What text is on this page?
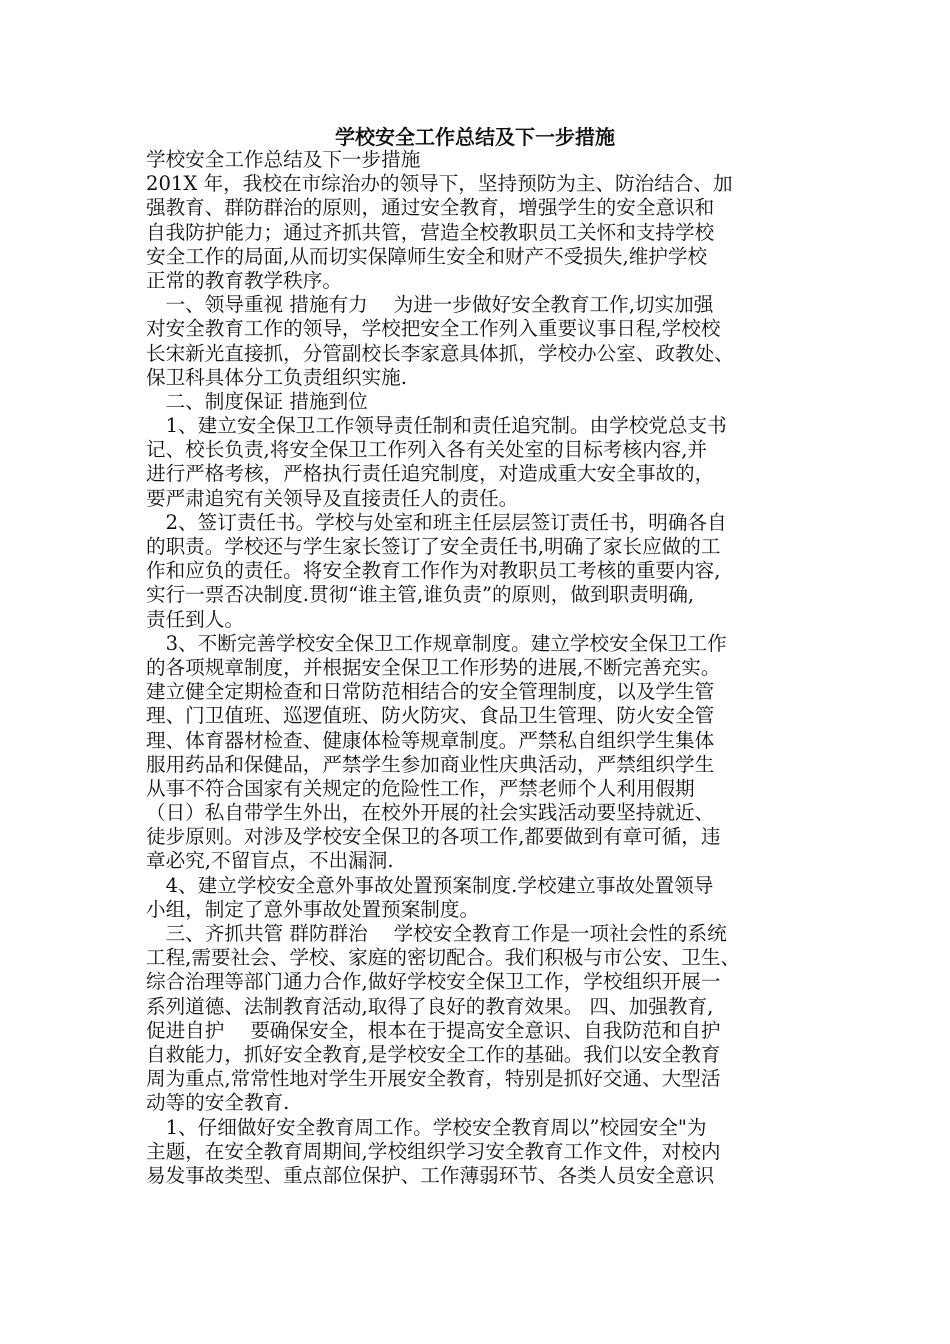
学校安全工作总结及下一步措施
学校安全工作总结及下一步措施
201X 年，我校在市综治办的领导下，坚持预防为主、防治结合、加
强教育、群防群治的原则，通过安全教育，增强学生的安全意识和
自我防护能力；通过齐抓共管，营造全校教职员工关怀和支持学校
安全工作的局面,从而切实保障师生安全和财产不受损失,维护学校
正常的教育教学秩序。
　一、领导重视 措施有力　 为进一步做好安全教育工作,切实加强
对安全教育工作的领导，学校把安全工作列入重要议事日程,学校校
长宋新光直接抓，分管副校长李家意具体抓，学校办公室、政教处、
保卫科具体分工负责组织实施.
　二、制度保证 措施到位
　1、建立安全保卫工作领导责任制和责任追究制。由学校党总支书
记、校长负责,将安全保卫工作列入各有关处室的目标考核内容,并
进行严格考核，严格执行责任追究制度，对造成重大安全事故的，
要严肃追究有关领导及直接责任人的责任。
　2、签订责任书。学校与处室和班主任层层签订责任书，明确各自
的职责。学校还与学生家长签订了安全责任书,明确了家长应做的工
作和应负的责任。将安全教育工作作为对教职员工考核的重要内容,
实行一票否决制度.贯彻“谁主管,谁负责”的原则，做到职责明确,
责任到人。
　3、不断完善学校安全保卫工作规章制度。建立学校安全保卫工作
的各项规章制度，并根据安全保卫工作形势的进展,不断完善充实。
建立健全定期检查和日常防范相结合的安全管理制度，以及学生管
理、门卫值班、巡逻值班、防火防灾、食品卫生管理、防火安全管
理、体育器材检查、健康体检等规章制度。严禁私自组织学生集体
服用药品和保健品，严禁学生参加商业性庆典活动，严禁组织学生
从事不符合国家有关规定的危险性工作，严禁老师个人利用假期
（日）私自带学生外出，在校外开展的社会实践活动要坚持就近、
徒步原则。对涉及学校安全保卫的各项工作,都要做到有章可循，违
章必究,不留盲点，不出漏洞.
　4、建立学校安全意外事故处置预案制度.学校建立事故处置领导
小组，制定了意外事故处置预案制度。
　三、齐抓共管 群防群治　 学校安全教育工作是一项社会性的系统
工程,需要社会、学校、家庭的密切配合。我们积极与市公安、卫生、
综合治理等部门通力合作,做好学校安全保卫工作，学校组织开展一
系列道德、法制教育活动,取得了良好的教育效果。 四、加强教育,
促进自护　 要确保安全，根本在于提高安全意识、自我防范和自护
自救能力，抓好安全教育,是学校安全工作的基础。我们以安全教育
周为重点,常常性地对学生开展安全教育，特别是抓好交通、大型活
动等的安全教育.
　1、仔细做好安全教育周工作。学校安全教育周以”校园安全"为
主题，在安全教育周期间,学校组织学习安全教育工作文件，对校内
易发事故类型、重点部位保护、工作薄弱环节、各类人员安全意识
